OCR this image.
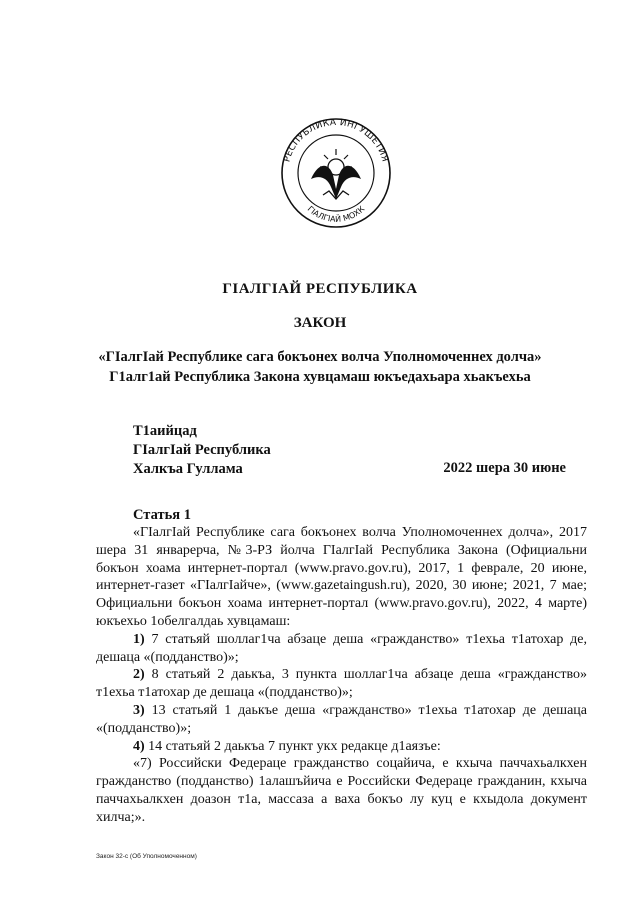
РЕСПУБЛИКА ИНГУШЕТИЯ
ГIАЛГIАЙ МОХК
ГIАЛГIАЙ РЕСПУБЛИКА
ЗАКОН
«ГIалгIай Республике сага бокъонех волча Уполномоченнех долча»
Г1алг1ай Республика Закона хувцамаш юкъедахьара хьакъехьа
Т1аийцад
ГIалгIай Республика
Халкъа Гуллама	2022 шера 30 июне
Статья 1

«ГIалгIай Республике сага бокъонех волча Уполномоченнех долча», 2017 шера 31 январерча, №3-РЗ йолча ГIалгIай Республика Закона (Официальни бокъон хоама интернет-портал (www.pravo.gov.ru), 2017, 1 феврале, 20 июне, интернет-газет «ГIалгIайче», (www.gazetaingush.ru), 2020, 30 июне; 2021, 7 мае; Официальни бокъон хоама интернет-портал (www.pravo.gov.ru), 2022, 4 марте) юкъехьо 1обелгалдаь хувцамаш:

1) 7 статьяй шоллаг1ча абзаце деша «гражданство» т1ехьа т1атохар де, дешаца «(подданство)»;

2) 8 статьяй 2 даькъа, 3 пункта шоллаг1ча абзаце деша «гражданство» т1ехьа т1атохар де дешаца «(подданство)»;

3) 13 статьяй 1 даькъе деша «гражданство» т1ехьа т1атохар де дешаца «(подданство)»;

4) 14 статьяй 2 даькъа 7 пункт укх редакце д1аязъе:

«7) Российски Федераце гражданство соцайича, е кхыча паччахьалкхен гражданство (подданство) 1алашъйича е Российски Федераце гражданин, кхыча паччахьалкхен доазон т1а, массаза а ваха бокъо лу куц е кхыдола документ хилча;».

Закон 32-с (Об Уполномоченном)
